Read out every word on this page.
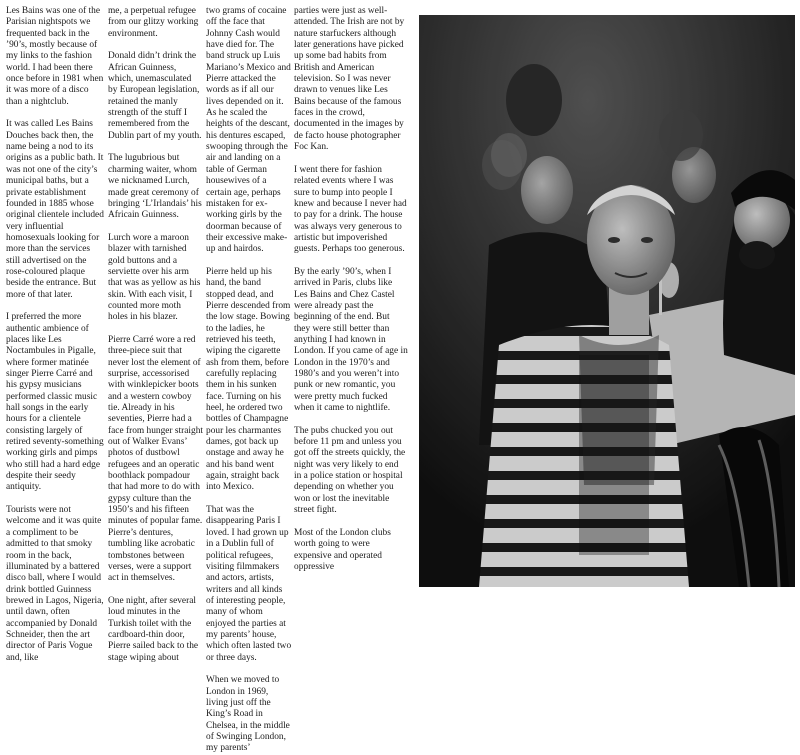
Les Bains was one of the Parisian nightspots we frequented back in the ’90’s, mostly because of my links to the fashion world. I had been there once before in 1981 when it was more of a disco than a nightclub.

It was called Les Bains Douches back then, the name being a nod to its origins as a public bath. It was not one of the city’s municipal baths, but a private establishment founded in 1885 whose original clientele included very influential homosexuals looking for more than the services still advertised on the rose-coloured plaque beside the entrance. But more of that later.

I preferred the more authentic ambience of places like Les Noctambules in Pigalle, where former matinée singer Pierre Carré and his gypsy musicians performed classic music hall songs in the early hours for a clientele consisting largely of retired seventy-something working girls and pimps who still had a hard edge despite their seedy antiquity.

Tourists were not welcome and it was quite a compliment to be admitted to that smoky room in the back, illuminated by a battered disco ball, where I would drink bottled Guinness brewed in Lagos, Nigeria, until dawn, often accompanied by Donald Schneider, then the art director of Paris Vogue and, like

me, a perpetual refugee from our glitzy working environment.

Donald didn’t drink the African Guinness, which, unemasculated by European legislation, retained the manly strength of the stuff I remembered from the Dublin part of my youth.

The lugubrious but charming waiter, whom we nicknamed Lurch, made great ceremony of bringing ‘L’Irlandais’ his Africain Guinness.

Lurch wore a maroon blazer with tarnished gold buttons and a serviette over his arm that was as yellow as his skin. With each visit, I counted more moth holes in his blazer.

Pierre Carré wore a red three-piece suit that never lost the element of surprise, accessorised with winklepicker boots and a western cowboy tie. Already in his seventies, Pierre had a face from hunger straight out of Walker Evans’ photos of dustbowl refugees and an operatic boothlack pompadour that had more to do with gypsy culture than the 1950’s and his fifteen minutes of popular fame. Pierre’s dentures, tumbling like acrobatic tombstones between verses, were a support act in themselves.

One night, after several loud minutes in the Turkish toilet with the cardboard-thin door, Pierre sailed back to the stage wiping about

two grams of cocaine off the face that Johnny Cash would have died for. The band struck up Luis Mariano’s Mexico and Pierre attacked the words as if all our lives depended on it. As he scaled the heights of the descant, his dentures escaped, swooping through the air and landing on a table of German housewives of a certain age, perhaps mistaken for ex-working girls by the doorman because of their excessive make-up and hairdos.

Pierre held up his hand, the band stopped dead, and Pierre descended from the low stage. Bowing to the ladies, he retrieved his teeth, wiping the cigarette ash from them, before carefully replacing them in his sunken face. Turning on his heel, he ordered two bottles of Champagne pour les charmantes dames, got back up onstage and away he and his band went again, straight back into Mexico.

That was the disappearing Paris I loved. I had grown up in a Dublin full of political refugees, visiting filmmakers and actors, artists, writers and all kinds of interesting people, many of whom enjoyed the parties at my parents’ house, which often lasted two or three days.

When we moved to London in 1969, living just off the King’s Road in Chelsea, in the middle of Swinging London, my parents’

parties were just as well-attended. The Irish are not by nature starfuckers although later generations have picked up some bad habits from British and American television. So I was never drawn to venues like Les Bains because of the famous faces in the crowd, documented in the images by de facto house photographer Foc Kan.

I went there for fashion related events where I was sure to bump into people I knew and because I never had to pay for a drink. The house was always very generous to artistic but impoverished guests. Perhaps too generous.

By the early ’90’s, when I arrived in Paris, clubs like Les Bains and Chez Castel were already past the beginning of the end. But they were still better than anything I had known in London. If you came of age in London in the 1970’s and 1980’s and you weren’t into punk or new romantic, you were pretty much fucked when it came to nightlife.

The pubs chucked you out before 11 pm and unless you got off the streets quickly, the night was very likely to end in a police station or hospital depending on whether you won or lost the inevitable street fight.

Most of the London clubs worth going to were expensive and operated oppressive
